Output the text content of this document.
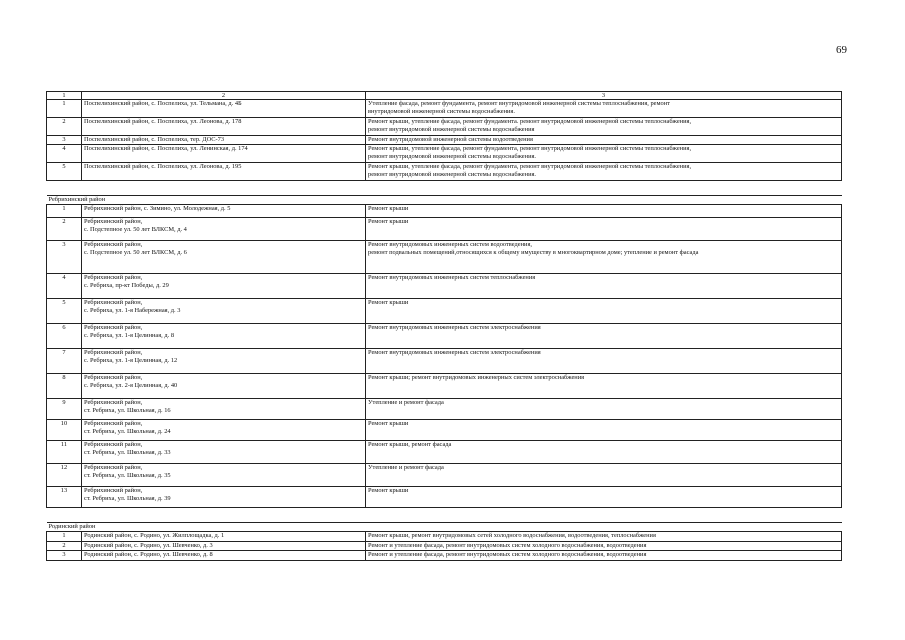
69
1	2	3
1	Поспелихинский район, с. Поспелиха, ул. Тельмана, д. 4Б	Утепление фасада, ремонт фундамента, ремонт внутридомовой инженерной системы теплоснабжения, ремонт
внутридомовой инженерной системы водоснабжения.

2	Поспелихинский район, с. Поспелиха, ул. Леонова, д. 178	Ремонт крыши, утепление фасада, ремонт фундамента. ремонт внутридомовой инженерной системы теплоснабжения,
ремонт внутридомовой инженерной системы водоснабжения

3	Поспелихинский район, с. Поспелиха, тер. ДОС-73	Ремонт внутридомовой инженерной системы водоотведения

4	Поспелихинский район, с. Поспелиха, ул. Ленинская, д. 174	Ремонт крыши, утепление фасада, ремонт фундамента, ремонт внутридомовой инженерной системы теплоснабжения,
ремонт внутридомовой инженерной системы водоснабжения.

5	Поспелихинский район, с. Поспелиха, ул. Леонова, д. 195	Ремонт крыши, утепление фасада, ремонт фундамента, ремонт внутридомовой инженерной системы теплоснабжения,
ремонт внутридомовой инженерной системы водоснабжения.

Ребрихинский район		
1	Ребрихинский район, с. Зимино, ул. Молодежная, д. 5	Ремонт крыши

2	Ребрихинский район,
с. Подстепное ул. 50 лет ВЛКСМ, д. 4	Ремонт крыши

3	Ребрихинский район,
с. Подстепное ул. 50 лет ВЛКСМ, д. 6	Ремонт внутридомовых инженерных систем водоотведения,
ремонт подвальных помещений,относящихся к общему имуществу в многоквартирном доме; утепление и ремонт фасада

4	Ребрихинский район,
с. Ребриха, пр-кт Победы, д. 29	Ремонт внутридомовых инженерных систем теплоснабжения

5	Ребрихинский район,
с. Ребриха, ул. 1-я Набережная, д. 3	Ремонт крыши

6	Ребрихинский район,
с. Ребриха, ул. 1-я Целинная, д. 8	Ремонт внутридомовых инженерных систем электроснабжения

7	Ребрихинский район,
с. Ребриха, ул. 1-я Целинная, д. 12	Ремонт внутридомовых инженерных систем электроснабжения

8	Ребрихинский район,
с. Ребриха, ул. 2-я Целинная, д. 40	Ремонт крыши; ремонт внутридомовых инженерных систем электроснабжения

9	Ребрихинский район,
ст. Ребриха, ул. Школьная, д. 16	Утепление и ремонт фасада

10	Ребрихинский район,
ст. Ребриха, ул. Школьная, д. 24	Ремонт крыши

11	Ребрихинский район,
ст. Ребриха, ул. Школьная, д. 33	Ремонт крыши, ремонт фасада

12	Ребрихинский район,
ст. Ребриха, ул. Школьная, д. 35	Утепление и ремонт фасада

13	Ребрихинский район,
ст. Ребриха, ул. Школьная, д. 39	Ремонт крыши

Родинский район		
1	Родинский район, с. Родино, ул. Жилплощадка, д. 1	Ремонт крыши, ремонт внутридомовых сетей холодного водоснабжения, водоотведения, теплоснабжения

2	Родинский район, с. Родино, ул. Шевченко, д. 3	Ремонт и утепление фасада, ремонт внутридомовых систем холодного водоснабжения, водоотведения

3	Родинский район, с. Родино, ул. Шевченко, д. 8	Ремонт и утепление фасада, ремонт внутридомовых систем холодного водоснабжения, водоотведения
